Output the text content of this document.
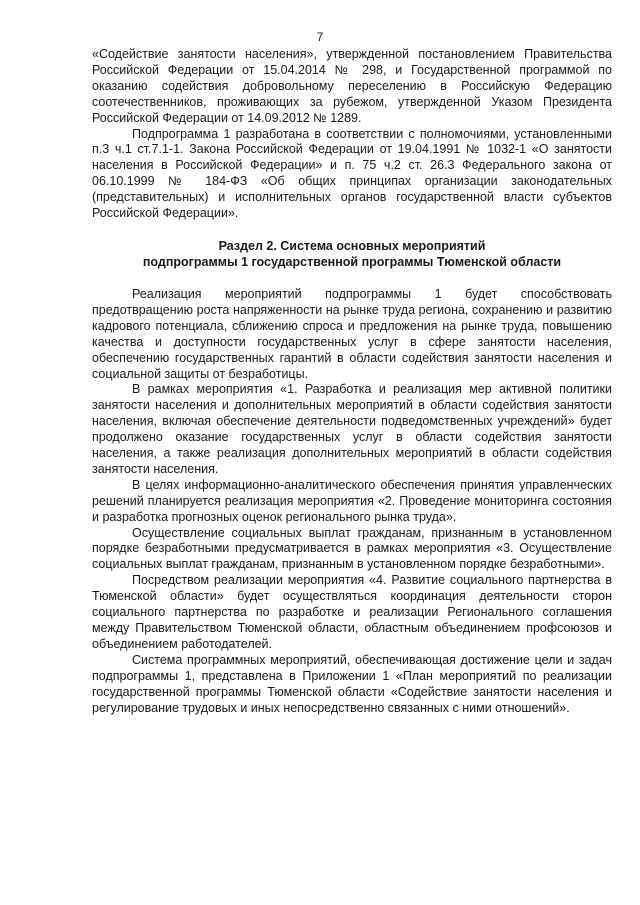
7

«Содействие занятости населения», утвержденной постановлением Правительства Российской Федерации от 15.04.2014 № 298, и Государственной программой по оказанию содействия добровольному переселению в Российскую Федерацию соотечественников, проживающих за рубежом, утвержденной Указом Президента Российской Федерации от 14.09.2012 № 1289.

Подпрограмма 1 разработана в соответствии с полномочиями, установленными п.3 ч.1 ст.7.1-1. Закона Российской Федерации от 19.04.1991 № 1032-1 «О занятости населения в Российской Федерации» и п. 75 ч.2 ст. 26.3 Федерального закона от 06.10.1999 № 184-ФЗ «Об общих принципах организации законодательных (представительных) и исполнительных органов государственной власти субъектов Российской Федерации».

Раздел 2. Система основных мероприятий
подпрограммы 1 государственной программы Тюменской области

Реализация мероприятий подпрограммы 1 будет способствовать предотвращению роста напряженности на рынке труда региона, сохранению и развитию кадрового потенциала, сближению спроса и предложения на рынке труда, повышению качества и доступности государственных услуг в сфере занятости населения, обеспечению государственных гарантий в области содействия занятости населения и социальной защиты от безработицы.

В рамках мероприятия «1. Разработка и реализация мер активной политики занятости населения и дополнительных мероприятий в области содействия занятости населения, включая обеспечение деятельности подведомственных учреждений» будет продолжено оказание государственных услуг в области содействия занятости населения, а также реализация дополнительных мероприятий в области содействия занятости населения.

В целях информационно-аналитического обеспечения принятия управленческих решений планируется реализация мероприятия «2. Проведение мониторинга состояния и разработка прогнозных оценок регионального рынка труда».

Осуществление социальных выплат гражданам, признанным в установленном порядке безработными предусматривается в рамках мероприятия «3. Осуществление социальных выплат гражданам, признанным в установленном порядке безработными».

Посредством реализации мероприятия «4. Развитие социального партнерства в Тюменской области» будет осуществляться координация деятельности сторон социального партнерства по разработке и реализации Регионального соглашения между Правительством Тюменской области, областным объединением профсоюзов и объединением работодателей.

Система программных мероприятий, обеспечивающая достижение цели и задач подпрограммы 1, представлена в Приложении 1 «План мероприятий по реализации государственной программы Тюменской области «Содействие занятости населения и регулирование трудовых и иных непосредственно связанных с ними отношений».
